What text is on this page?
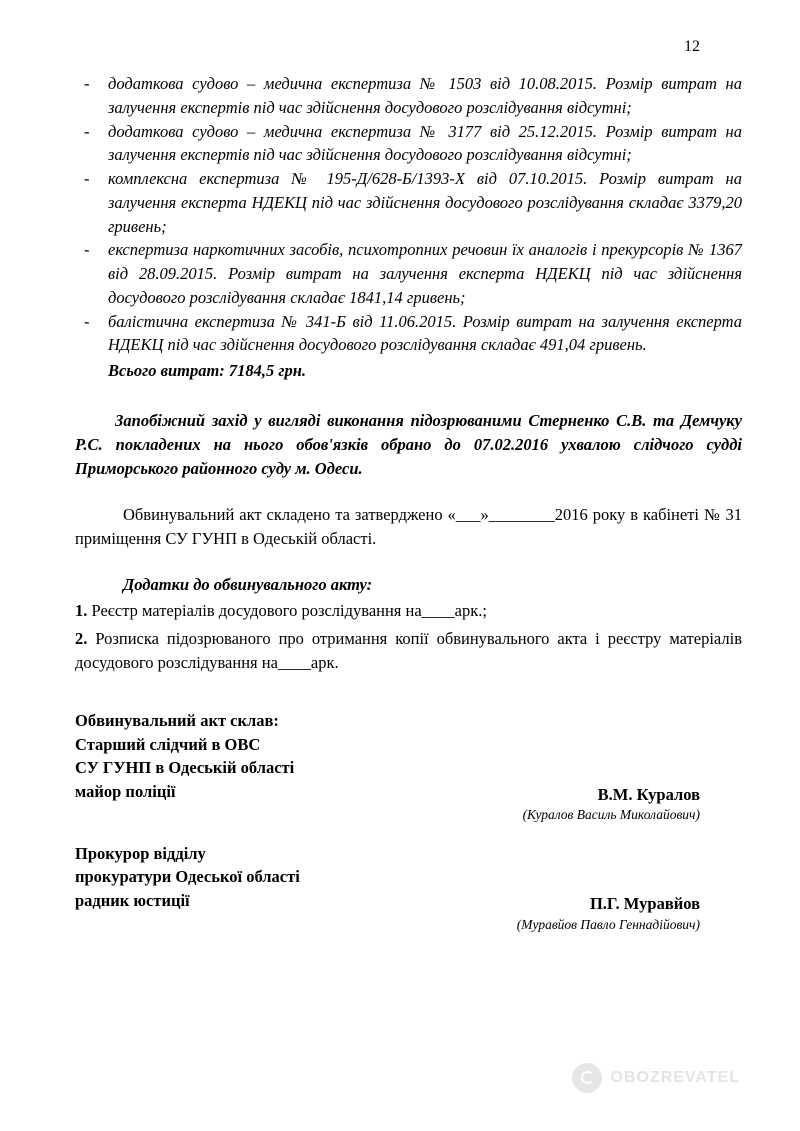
12
- додаткова судово – медична експертиза № 1503 від 10.08.2015. Розмір витрат на залучення експертів під час здійснення досудового розслідування відсутні;
- додаткова судово – медична експертиза № 3177 від 25.12.2015. Розмір витрат на залучення експертів під час здійснення досудового розслідування відсутні;
- комплексна експертиза № 195-Д/628-Б/1393-Х від 07.10.2015. Розмір витрат на залучення експерта НДЕКЦ під час здійснення досудового розслідування складає 3379,20 гривень;
- експертиза наркотичних засобів, психотропних речовин їх аналогів і прекурсорів № 1367 від 28.09.2015. Розмір витрат на залучення експерта НДЕКЦ під час здійснення досудового розслідування складає 1841,14 гривень;
- балістична експертиза № 341-Б від 11.06.2015. Розмір витрат на залучення експерта НДЕКЦ під час здійснення досудового розслідування складає 491,04 гривень.
Всього витрат: 7184,5 грн.
Запобіжний захід у вигляді виконання підозрюваними Стерненко С.В. та Демчуку Р.С. покладених на нього обов'язків обрано до 07.02.2016 ухвалою слідчого судді Приморського районного суду м. Одеси.
Обвинувальний акт складено та затверджено «___»________2016 року в кабінеті № 31 приміщення СУ ГУНП в Одеській області.
Додатки до обвинувального акту:
1. Реєстр матеріалів досудового розслідування на____арк.;
2. Розписка підозрюваного про отримання копії обвинувального акта і реєстру матеріалів досудового розслідування на____арк.
Обвинувальний акт склав:
Старший слідчий в ОВС
СУ ГУНП в Одеській області
майор поліції	В.М. Куралов
(Куралов Василь Миколайович)
Прокурор відділу
прокуратури Одеської області
радник юстиції	П.Г. Муравйов
(Муравйов Павло Геннадійович)
OBOZREVATEL
